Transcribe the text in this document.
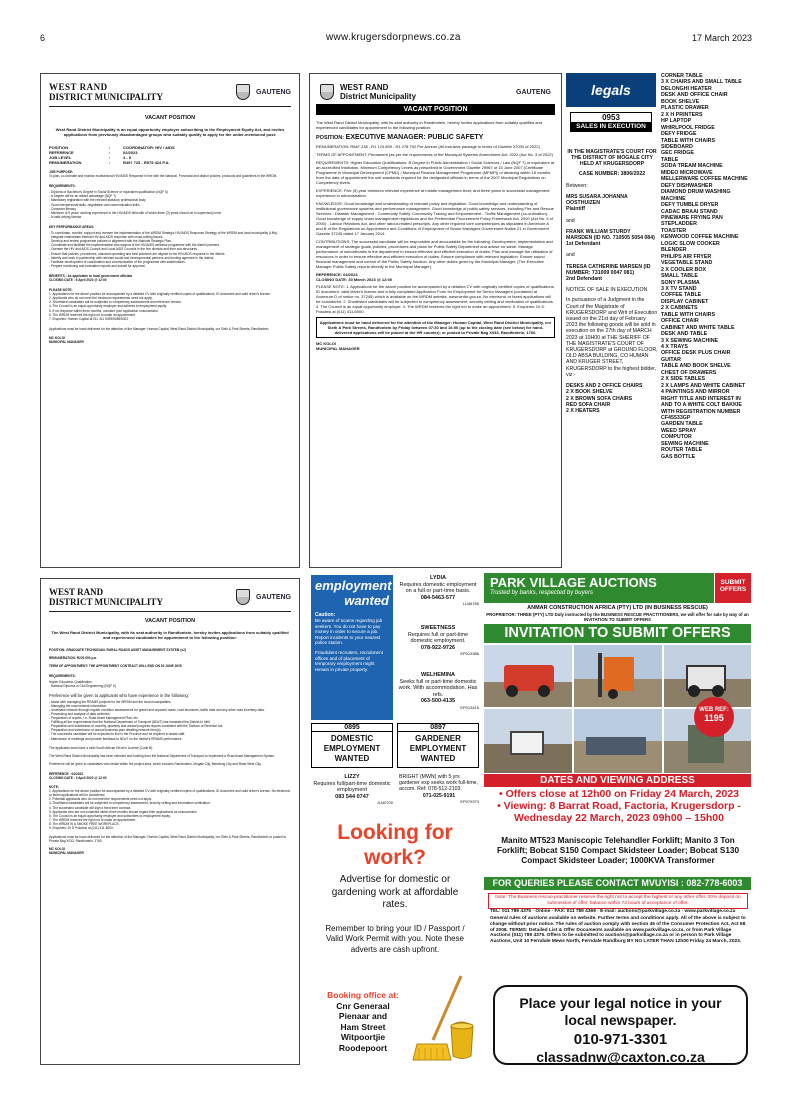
6	www.krugersdorpnews.co.za	17 March 2023
WEST RAND
DISTRICT MUNICIPALITY	GAUTENG
VACANT POSITION
West Rand District Municipality is an equal opportunity employer subscribing to the Employment Equity Act, and invites applications from previously disadvantaged groups who suitably qualify to apply for the under-mentioned post:
POSITION	:	COORDINATOR: HIV / AIDS
REFERENCE	:	02/2023
JOB LEVEL	:	4 - 5
REMUNERATION	:	R497 725 - R575 424 P.A.
JOB PURPOSE:
To plan, co-ordinate and monitor multisectoral HIV/AIDS Response in line with the National, Provincial and district policies, protocols and guidelines in the WRDM.
REQUIREMENTS:
- Diploma or Bachelor's Degree in Social Science or equivalent qualification (NQF 6)
- A Degree will be an added advantage (NQF 7)
- Mandatory registration with the relevant statutory professional body
- Good interpersonal skills, negotiation and communication skills
- Computer literacy
- Minimum of 5 years' working experience in the HIV/AIDS field with of which three (3) years should be in supervisory level
- A valid driving license.
KEY PERFORMANCE AREAS:
- To coordinate, monitor, support and oversee the implementation of the WRDM Strategic HIV/AIDS Response Strategy of the WRDM and local municipality (LMs).
- Integrate mainstream internal HIV and AIDS response with cross-cutting issues.
- Develop and review programme policies in alignment with the National Strategic Plan.
- Coordinate and facilitate the implementation and support of the HIV/AIDS wellness programme with the district partners.
- Oversee the HIV and AIDS Council and Local AIDS Councils in the five districts and their sub-structures.
- Ensure that policies, procedures, standard operating and best practices are aligned to the HIV/AIDS response in the district.
- Identify and work in partnership with relevant social and developmental partners and funding agencies in the district.
- Facilitate development of coordination and communication of the programme with stakeholders.
- Prepare monitoring and evaluation reports and submit for approval.
BENEFITS : As applicable to local government officials
CLOSING DATE : 6 April 2023 @ 12:00
PLEASE NOTE:
1. Applications for the above position be accompanied by a detailed CV with originally certified copies of qualifications, ID document and valid driver's license.
2. Applicants who do not meet the minimum requirements need not apply.
3. Shortlisted candidates will be subjected to competency assessments and reference checks.
4. The Council is an equal opportunity employer and adheres to employment equity.
5. If no response within three months, consider your application unsuccessful.
6. The WRDM reserves the right not to make an appointment.
7. Enquiries: Human Capital at 011 411 5059/5085/5002
Applications must be hand delivered for the attention of the Manager: Human Capital, West Rand District Municipality, cnr Sixth & Park Streets, Randfontein.
MC KOLOI
MUNICIPAL MANAGER
WEST RAND
District Municipality	GAUTENG
VACANT POSITION
The West Rand District Municipality, with its seat authority in Randfontein, hereby invites applications from suitably qualified and experienced candidates for appointment to the following position:
POSITION: EXECUTIVE MANAGER: PUBLIC SAFETY
REMUNERATION: R887 238 - R1 124 899 - R1 278 752 Per Annum (All-inclusive package in terms of Gazette 37000 of 2022)
TERMS OF APPOINTMENT: Permanent (as per the requirements of the Municipal Systems Amendment Act, 2022 (Act No. 3 of 2022)
REQUIREMENTS: Higher Education Qualifications: B Degree in Public Administration / Social Sciences / Law (NQF 7) or equivalent at an accredited Institution. Minimum Competency Levels as prescribed in Government Gazette 29967 of 15 June 2007 (Certificate Programme in Municipal Development (CPMD) / Municipal Finance Management Programme (MFMP)) or attaining within 18 months from the date of appointment the unit standards required for the designated officials in terms of the 2007 Municipal Regulations on Competency levels.
EXPERIENCE: Five (5) year minimum relevant experience at middle management level; and three years in successful management experience in administration.
KNOWLEDGE: Good knowledge and understanding of relevant policy and legislation. Good knowledge and understanding of institutional governance systems and performance management. Good knowledge of public safety services, including Fire and Rescue Services - Disaster Management - Community Safety. Community Tracing and Empowerment - Traffic Management (co-ordination). Good knowledge of supply chain management regulations and the Preferential Procurement Policy Framework Act, 2000 (Act No. 5 of 2000) - Labour Relations Act, and other labour-related prescripts. Any other required core competencies as stipulated in Annexure A and B of the Regulations on Appointment and Conditions of Employment of Senior Managers Government Notice 21 in Government Gazette 37245 dated 17 January 2014.
CONTRIBUTIONS: The successful candidate will be responsible and accountable for the following: Development, implementation and management of strategic goals, policies, procedures and plans for Public Safety Department and advise on same. Manage performance of subordinates in the department to ensure effective and efficient execution of duties. Plan and manage the utilisation of resources in order to ensure effective and efficient execution of duties. Ensure compliance with relevant legislation. Ensure sound financial management and control of the Public Safety function. Any other duties given by the Municipal Manager. (The Executive Manager Public Safety reports directly to the Municipal Manager).
REFERENCE: 03/2023
CLOSING DATE: 30 March 2023 @ 12:00
PLEASE NOTE: 1. Applications for the above position be accompanied by a detailed CV with originally certified copies of qualifications, ID document, valid driver's license and a fully completed Application Form for Employment for Senior Managers (contained at Annexure D of notice no. 37245) which is available on the WRDM website, www.wrdm.gov.za. No electronic or faxed applications will be considered. 2. Shortlisted candidates will be subjected to competency assessment, security vetting and verification of qualifications. 3. The Council is an equal opportunity employer. 4. The WRDM reserves the right not to make an appointment. 5. Enquiries: Dr D Pokolesi at (011) 411-5000.
Applications must be hand delivered for the attention of the Manager: Human Capital, West Rand District Municipality, cnr Sixth & Park Streets, Randfontein by Friday between 07:30 and 16:00 (up to the closing date (see below) for hand-delivered applications will be placed at the HR counter); or posted to Private Bag X033, Randfontein, 1760.
MC KOLOI
MUNICIPAL MANAGER
legals
0953
SALES IN EXECUTION
IN THE MAGISTRATE'S COURT FOR THE DISTRICT OF MOGALE CITY HELD AT KRUGERSDORP
CASE NUMBER: 3806/2022
Between:
MRS SUSARA JOHANNA OOSTHUIZEN
Plaintiff
and
FRANK WILLIAM STURDY MARSDEN (ID NO. 710505 5054 084)
1st Defendant
and
TERESA CATHERINE MARSEN (ID NUMBER: 731009 0047 081)
2nd Defendant
NOTICE OF SALE IN EXECUTION
In pursuance of a Judgment in the Court of the Magistrate of KRUGERSDORP and Writ of Execution issued on the 21st day of February 2023 the following goods will be sold in execution on the 27th day of MARCH 2023 at 10H00 at THE SHERIFF OF THE MAGISTRATE'S COURT OF KRUGERSDORP at GROUND FLOOR, OLD ABSA BUILDING, CO HUMAN AND KRUGER STREET, KRUGERSDORP to the highest bidder, viz:-
DESKS AND 2 OFFICE CHAIRS
2 X BOOK SHELVE
2 X BROWN SOFA CHAIRS
RED SOFA CHAIR
2 X HEATERS
CORNER TABLE
3 X CHAIRS AND SMALL TABLE
DELONGHI HEATER
DESK AND OFFICE CHAIR
BOOK SHELVE
PLASTIC DRAWER
2 X H PRINTERS
HP LAPTOP
WHIRLPOOL FRIDGE
DEFY FRIDGE
TABLE WITH CHAIRS
SIDEBOARD
GEC FRIDGE
TABLE
SODA TREAM MACHINE
MIDEO MICROWAVE
MELLERWARE COFFEE MACHINE
DEFY DISHWASHER
DIAMOND DRUM WASHING MACHINE
DEFY TUMBLE DRYER
CADAC BRAAI STAND
PINEWARE FRYING PAN
STEPLADDER
TOASTER
KENWOOD COFFEE MACHINE
LOGIC SLOW COOKER
BLENDER
PHILIPS AIR FRYER
VEGETABLE STAND
2 X COOLER BOX
SMALL TABLE
SONY PLASMA
3 X TV STAND
COFFEE TABLE
DISPLAY CABINET
2 X CABINETS
TABLE WITH CHAIRS
OFFICE CHAIR
CABINET AND WHITE TABLE
DESK AND TABLE
3 X SEWING MACHINE
4 X TRAYS
OFFICE DESK PLUS CHAIR
GUITAR
TABLE AND BOOK SHELVE
CHEST OF DRAWERS
2 X SIDE TABLES
2 X LAMPS AND WHITE CABINET
4 PAINTINGS AND MIRROR
RIGHT TITLE AND INTEREST IN AND TO A WHITE COLT BAKKIE WITH REGISTRATION NUMBER CF45533GP
GARDEN TABLE
WEED SPRAY
COMPUTOR
SEWING MACHINE
ROUTER TABLE
GAS BOTTLE
WEST RAND
DISTRICT MUNICIPALITY	GAUTENG
VACANT POSITION
The West Rand District Municipality, with its seat authority in Randfontein, hereby invites applications from suitably qualified and experienced candidates for appointment to the following position:
POSITION: GRADUATE TECHNICIAN: RURAL ROADS ASSET MANAGEMENT SYSTEM (x2)
REMUNERATION: R220 000 p.a.
TERM OF APPOINTMENT: THE APPOINTMENT CONTRACT WILL END ON 30 JUNE 2025
REQUIREMENTS:
Higher Education Qualification
- National Diploma in Civil Engineering (NQF 6)
Preference will be given to applicants who have experience in the following:
- Assist with managing the RRAMS projects for the WRDM and the local municipalities.
- Managing the road network information.
- Undertake network through regular condition assessments for gravel and unpaved roads, road structures, traffic data and any other road inventory data.
- Processing and analysis of data collected.
- Preparation of reports, i.e. Road Asset Management Plan, etc.
- Fulfilling all the requirements that the National Department of Transport (NDoT) has mandated the District to fulfil.
- Preparation and submission of monthly, quarterly and annual progress reports consistent with the Division of Revenue Act.
- Preparation and submission of annual business plan detailing network form(s).
- The successful candidate will be expected to live in the Province and be required to assist staff.
- Attendance of meetings and provide feedback to NDoT on the district's RRAMS performance.
The applicants must have a valid South African Driver's License (Code B).
The West Rand District Municipality has been selected and funding from the National Department of Transport to implement a Road Asset Management System.
Preference will be given to candidates who reside within the project area, which includes Randfontein, Mogale City, Merafong City and Rand West City.
REFERENCE : 04/2023
CLOSING DATE : 3 April 2023 @ 12:00
NOTE:
1. Applications for the above position be accompanied by a detailed CV with originally certified copies of qualifications, ID document and valid driver's license. No electronic or faxed applications will be considered.
2. Potential applicants who do not meet the requirements need not apply.
3. Shortlisted candidates will be subjected to competency assessment, security vetting and information verification.
4. The successful candidate will sign a fixed term contract.
5. Applicants who are not contacted within three months should regard their applications as unsuccessful.
6. The Council is an equal opportunity employer and subscribes to employment equity.
7. The WRDM reserves the right not to make an appointment.
8. The WRDM IS A SMOKE FREE WORKPLACE.
9. Enquiries: Dr D Pokolesi at (011) 411-5000.
Applications must be hand delivered for the attention of the Manager: Human Capital, West Rand District Municipality, cnr Sixth & Park Streets, Randfontein or posted to Private Bag X033, Randfontein, 1760.
MC KOLOI
MUNICIPAL MANAGER
employment
wanted
Caution:
Be aware of scams regarding job seekers. You do not have to pay money in order to secure a job. Report incidents to your nearest police station.
Fraudulent recruiters, recruitment offices and of placement of temporary employment might remain in private property.
0895
DOMESTIC EMPLOYMENT WANTED
LIZZY
Requires full/part-time domestic employment
083 544 0747
JU40700
LYDIA
Requires domestic employment on a full or part-time basis.
084-5463-577
LU46785
SWEETNESS
Requires full or part-time domestic employment.
078-922-9726
EP013386
WELHEMINA
Seeks full or part-time domestic work. With accommodation. Has refs.
063-500-4135
EP013415
0897
GARDENER EMPLOYMENT WANTED
BRIGHT (MWN) with 5 yrs gardener exp seeks work full-time, accom. Ref: 078-512-2103,
071-025-9191
EP079373
Looking for work?
Advertise for domestic or gardening work at affordable rates.
Remember to bring your ID / Passport / Valid Work Permit with you. Note these adverts are cash upfront.
Booking office at:
Cnr Generaal
Pienaar and
Ham Street
Witpoortjie
Roodepoort
PARK VILLAGE AUCTIONS
Trusted by banks, respected by buyers
SUBMIT OFFERS
ANMAR CONSTRUCTION AFRICA (PTY) LTD (IN BUSINESS RESCUE)
PROPRIETOR: THREE (PTY) LTD Duly instructed by the BUSINESS RESCUE PRACTITIONERS, we will offer for sale by way of an INVITATION TO SUBMIT OFFERS
INVITATION TO SUBMIT OFFERS
WEB REF:
1195
DATES AND VIEWING ADDRESS
• Offers close at 12h00 on Friday 24 March, 2023
• Viewing: 8 Barrat Road, Factoria, Krugersdorp - Wednesday 22 March, 2023 09h00 – 15h00
Manito MT523 Maniscopic Telehandler Forklift; Manito 3 Ton Forklift; Bobcat S150 Compact Skidsteer Loader; Bobcat S130 Compact Skidsteer Loader; 1000KVA Transformer
FOR QUERIES PLEASE CONTACT MVUYISI : 082-778-6003
Note: The Business rescue practitioner reserve the right not to accept the highest or any other offer. 20% deposit on submission of offer, balance within 72 hours of acceptance of offer.
TEL: 011 789 4375 · Online · FAX: 011 789 4369 · E-mail: auctions@parkvillage.co.za · www.parkvillage.co.za
General rules of auctions available on website. Further terms and conditions apply. All of the above is subject to change without prior notice. The rules of auction comply with section 45 of the Consumer Protection Act, Act 68 of 2008. TERMS: Detailed List & Offer Documents available on www.parkvillage.co.za, or from Park Village Auctions (011) 789 4375. Offers to be submitted to auctions@parkvillage.co.za or in person to Park Village Auctions, Unit 10 Ferndale Mews North, Ferndale Randburg BY NO LATER THAN 12h00 Friday 24 March, 2023.
Place your legal notice in your local newspaper.
010-971-3301
classadnw@caxton.co.za
